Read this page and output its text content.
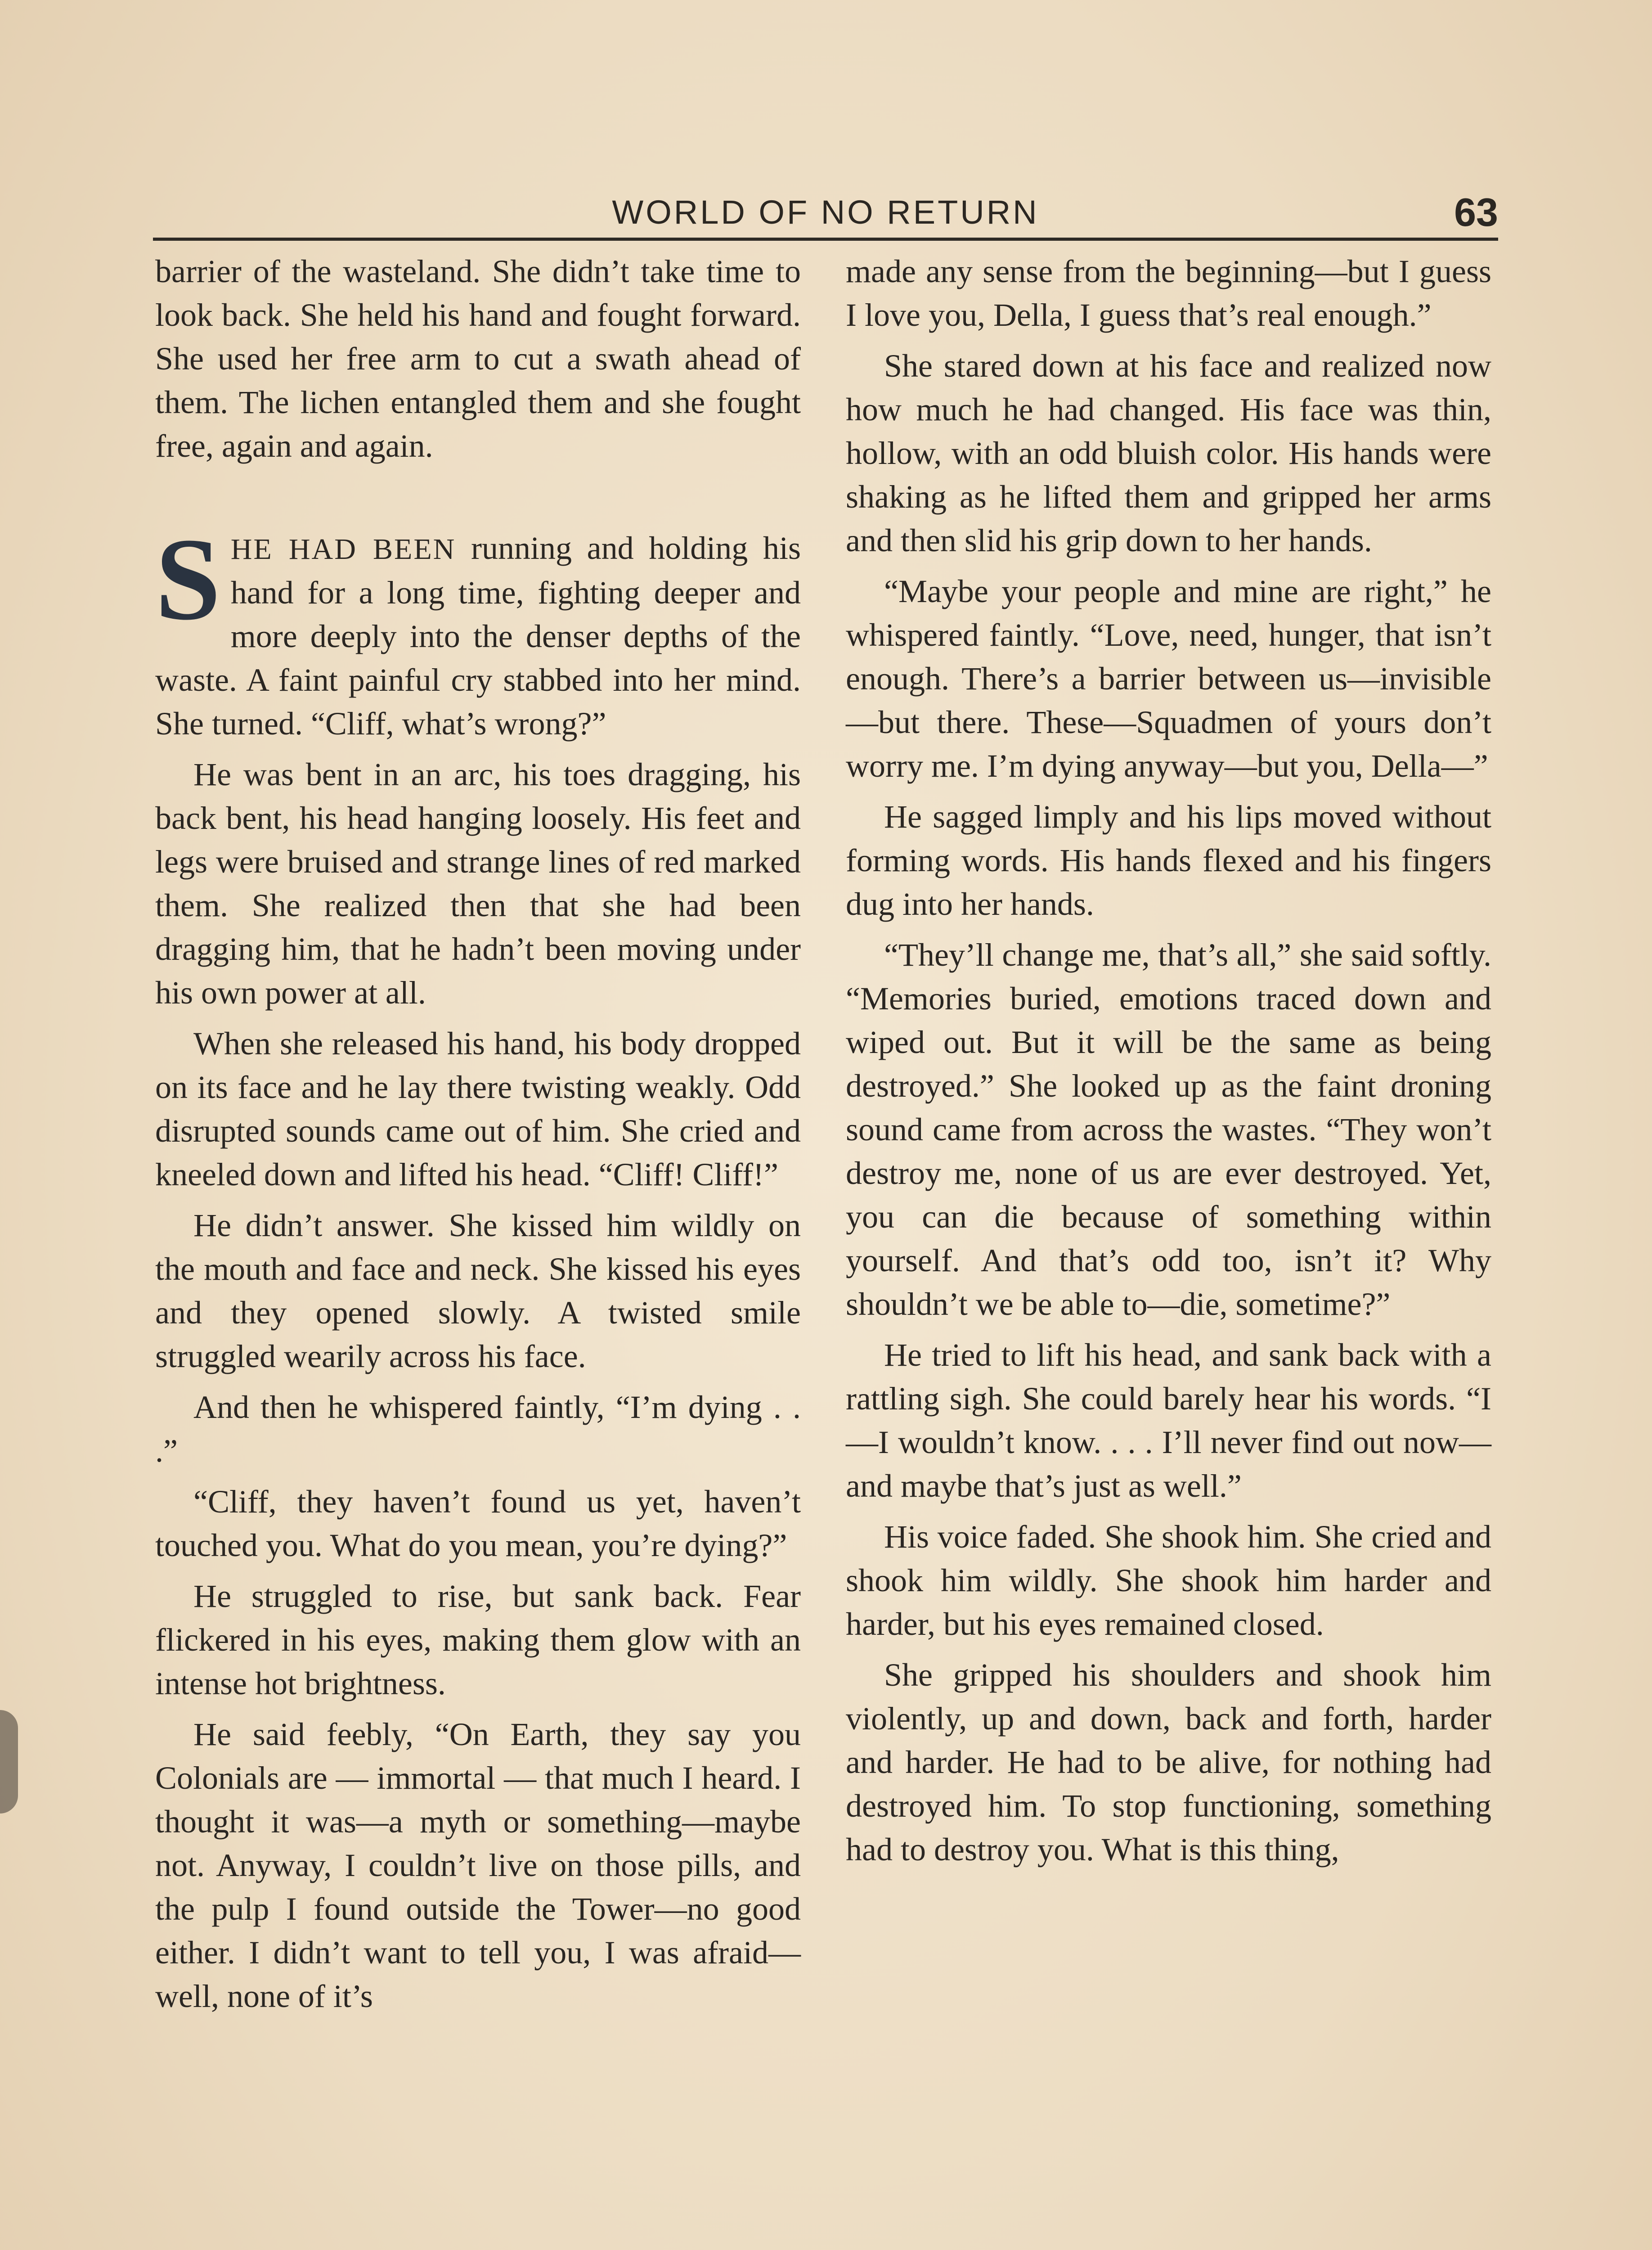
WORLD OF NO RETURN	63

barrier of the wasteland. She didn’t take time to look back. She held his hand and fought forward. She used her free arm to cut a swath ahead of them. The lichen entangled them and she fought free, again and again.

SHE HAD BEEN running and holding his hand for a long time, fighting deeper and more deeply into the denser depths of the waste. A faint painful cry stabbed into her mind. She turned. “Cliff, what’s wrong?”

He was bent in an arc, his toes dragging, his back bent, his head hanging loosely. His feet and legs were bruised and strange lines of red marked them. She realized then that she had been dragging him, that he hadn’t been moving under his own power at all.

When she released his hand, his body dropped on its face and he lay there twisting weakly. Odd disrupted sounds came out of him. She cried and kneeled down and lifted his head. “Cliff! Cliff!”

He didn’t answer. She kissed him wildly on the mouth and face and neck. She kissed his eyes and they opened slowly. A twisted smile struggled wearily across his face.

And then he whispered faintly, “I’m dying . . .”

“Cliff, they haven’t found us yet, haven’t touched you. What do you mean, you’re dying?”

He struggled to rise, but sank back. Fear flickered in his eyes, making them glow with an intense hot brightness.

He said feebly, “On Earth, they say you Colonials are — immortal — that much I heard. I thought it was—a myth or something—maybe not. Anyway, I couldn’t live on those pills, and the pulp I found outside the Tower—no good either. I didn’t want to tell you, I was afraid—well, none of it’s

made any sense from the beginning—but I guess I love you, Della, I guess that’s real enough.”

She stared down at his face and realized now how much he had changed. His face was thin, hollow, with an odd bluish color. His hands were shaking as he lifted them and gripped her arms and then slid his grip down to her hands.

“Maybe your people and mine are right,” he whispered faintly. “Love, need, hunger, that isn’t enough. There’s a barrier between us—invisible—but there. These—Squadmen of yours don’t worry me. I’m dying anyway—but you, Della—”

He sagged limply and his lips moved without forming words. His hands flexed and his fingers dug into her hands.

“They’ll change me, that’s all,” she said softly. “Memories buried, emotions traced down and wiped out. But it will be the same as being destroyed.” She looked up as the faint droning sound came from across the wastes. “They won’t destroy me, none of us are ever destroyed. Yet, you can die because of something within yourself. And that’s odd too, isn’t it? Why shouldn’t we be able to—die, sometime?”

He tried to lift his head, and sank back with a rattling sigh. She could barely hear his words. “I—I wouldn’t know. . . . I’ll never find out now—and maybe that’s just as well.”

His voice faded. She shook him. She cried and shook him wildly. She shook him harder and harder, but his eyes remained closed.

She gripped his shoulders and shook him violently, up and down, back and forth, harder and harder. He had to be alive, for nothing had destroyed him. To stop functioning, something had to destroy you. What is this thing,
